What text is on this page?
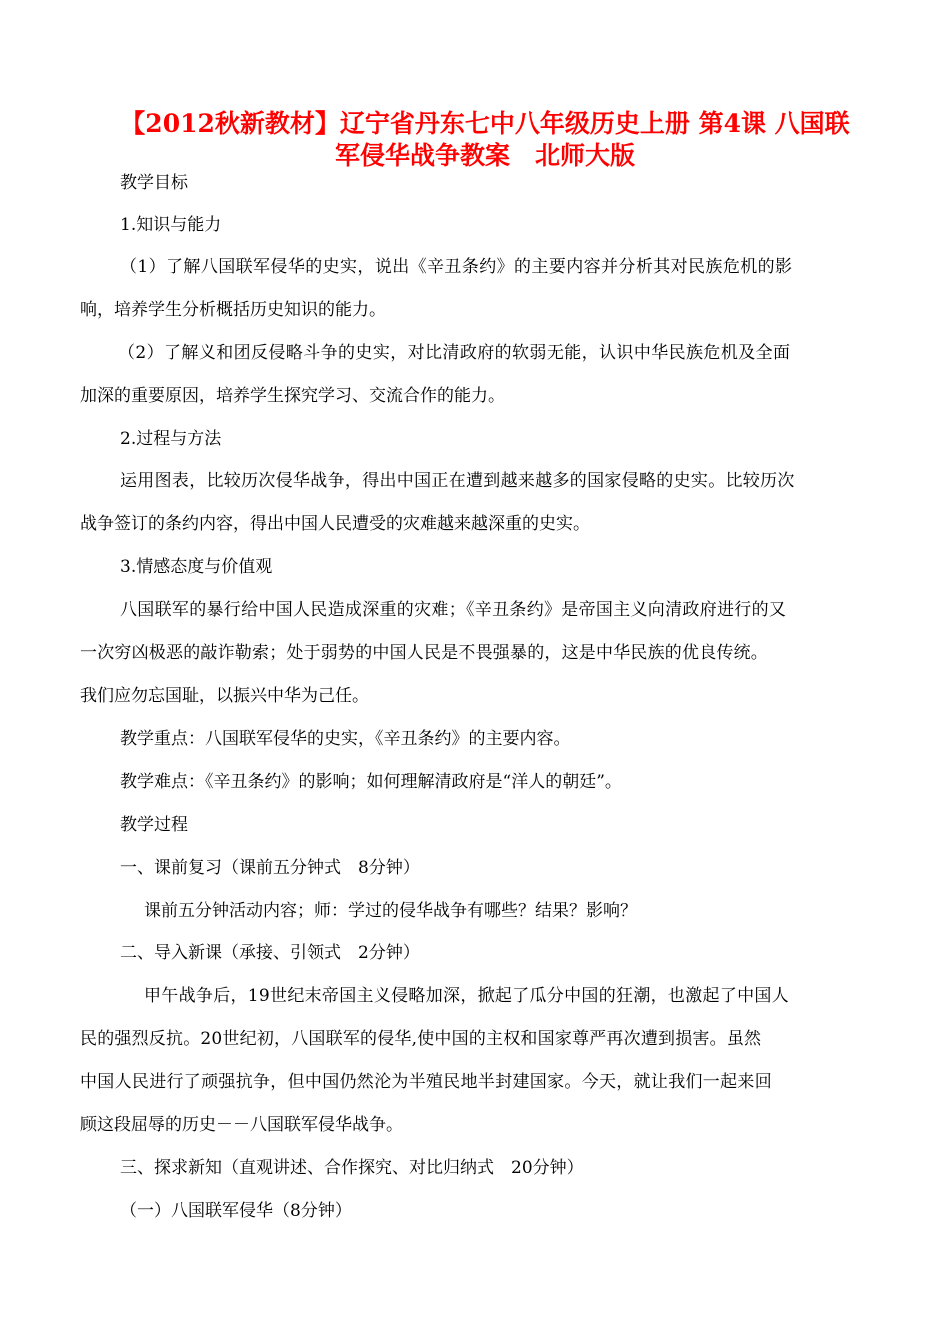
【2012秋新教材】辽宁省丹东七中八年级历史上册 第4课 八国联
军侵华战争教案　北师大版
教学目标
1.知识与能力
（1）了解八国联军侵华的史实，说出《辛丑条约》的主要内容并分析其对民族危机的影
响，培养学生分析概括历史知识的能力。
（2）了解义和团反侵略斗争的史实，对比清政府的软弱无能，认识中华民族危机及全面
加深的重要原因，培养学生探究学习、交流合作的能力。
2.过程与方法
运用图表，比较历次侵华战争，得出中国正在遭到越来越多的国家侵略的史实。比较历次
战争签订的条约内容，得出中国人民遭受的灾难越来越深重的史实。
3.情感态度与价值观
八国联军的暴行给中国人民造成深重的灾难；《辛丑条约》是帝国主义向清政府进行的又
一次穷凶极恶的敲诈勒索；处于弱势的中国人民是不畏强暴的，这是中华民族的优良传统。
我们应勿忘国耻，以振兴中华为己任。
教学重点：八国联军侵华的史实，《辛丑条约》的主要内容。
教学难点：《辛丑条约》的影响；如何理解清政府是“洋人的朝廷”。
教学过程
一、课前复习（课前五分钟式　8分钟）
课前五分钟活动内容；师：学过的侵华战争有哪些？结果？影响？
二、导入新课（承接、引领式　2分钟）
甲午战争后，19世纪末帝国主义侵略加深，掀起了瓜分中国的狂潮，也激起了中国人
民的强烈反抗。20世纪初，八国联军的侵华,使中国的主权和国家尊严再次遭到损害。虽然
中国人民进行了顽强抗争，但中国仍然沦为半殖民地半封建国家。今天，就让我们一起来回
顾这段屈辱的历史－－八国联军侵华战争。
三、探求新知（直观讲述、合作探究、对比归纳式　20分钟）
（一）八国联军侵华（8分钟）
